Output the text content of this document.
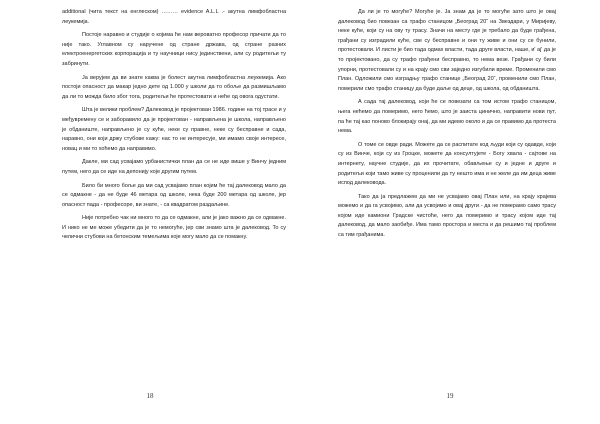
additional (чита текст на енглеском) ……… evidence A.L.L .- акутна лимфобластна леукемија.

Постоје наравно и студије о којима ће нам вероватно професор причати да то није тако. Углавном су наручене од стране држава, од стране разних електроенергетских корпорација и ту научници нису јединствени, али су родитељи ту забринути.

Ја верујем да ви знате каква је болест акутна лимфобластна леукемија. Ако постоји опасност да макар једно дете од 1.000 у школи да то обоље да размишљамо да ли то можда било због тога, родитељи ће протестовати и неће од овога одустати.

Шта је велики проблем? Далековод је пројектован 1986. године на тој трасе и у међувремену се и заборавило да је пројектован - направљена је школа, направљено је обданиште, направљено је су куће, неке су правне, неке су бесправне и сада, наравно, они који држу стубове кажу: нас то не интересује, ми имамо своје интересе, новац и ми то хоћемо да направимо.

Дакле, ми сад усвајамо урбанистички план да се не иде више у Винчу једним путем, него да се иде на депонију које другим путем.

Било би много боље да ми сад усвајамо план којим ће тај далековод мало да се одмакне - да не буде 46 метара од школе, нека буде 200 метара од школе, јер опасност пада - професоре, ви знате, - са квадратом раздаљине.

Није потребно чак ни много то да се одмакне, али је јако важно да се одмакне. И нико не ме може убедити да је то немогуће, јер сви знамо шта је далековод. То су челични стубови на бетонским темељима које могу мало да се помакну.

18

Да ли је то могуће? Могуће је. Ја знам да је то могуће зато што је овај далековод био повезан са трафо станицом „Београд 20“ на Звездари, у Миријеву, неке куће, који су на ову ту трасу. Значи на месту где је требало да буде грађена, грађани су изградили куће, све су бесправне и они ту живе и они су се бунили, протестовали. И листи је био тада одмах власти, тада друге власти, наше, и' ај' да је то пројектовано, да су трафо грађени бесправно, то нема везе. Грађани су били упорни, протестовали су и на крају смо сви заједно изгубили време. Променили смо План. Одложили смо изградњу трафо станице „Београд 20“, променили смо План, померили смо трафо станицу да буде даље од деце, од школа, од обданишта.

А сада тај далековод, који ће се повезати са том истом трафо станицом, њега нећемо да померимо, него ћемо, што је заиста цинично, направити нови пут, па ће тај као поново блокирају онај, да ми идемо около и да се правимо да протеста нема.

О томе се овде ради. Можете да се распитате код људи који су одавде, који су из Винче, који су из Гроцке, можете да консултујете - Богу хвала - сајтове на интернету, научне студије, да их прочитате, обављење су и једне и друге и родитељи који тамо живе су проценили да ту нешто има и не желе да им деца живе испод далековода.

Тако да ја предлажем да ми не усвајамо овај План или, на крају крајева можемо и да га усвојимо, али да усвојимо и овај други - да не померамо само трасу којом иде камиони Градске чистоће, него да померимо и трасу којом иде тај далековод, да мало заобиђе. Има тамо простора и места и да решимо тај проблем са тим грађанима.

19
